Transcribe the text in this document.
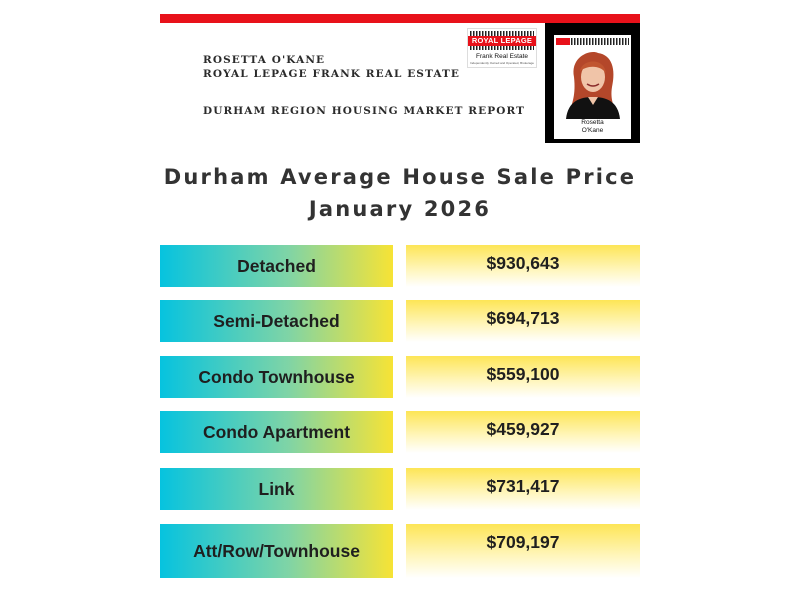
ROSETTA O'KANE
ROYAL LEPAGE FRANK REAL ESTATE
DURHAM REGION HOUSING MARKET REPORT
ROYAL LEPAGE
Frank Real Estate
Independently Owned and Operated, Brokerage
Rosetta
O'Kane
Durham Average House Sale Price
January 2026
Detached	$930,643
Semi-Detached	$694,713
Condo Townhouse	$559,100
Condo Apartment	$459,927
Link	$731,417
Att/Row/Townhouse	$709,197
